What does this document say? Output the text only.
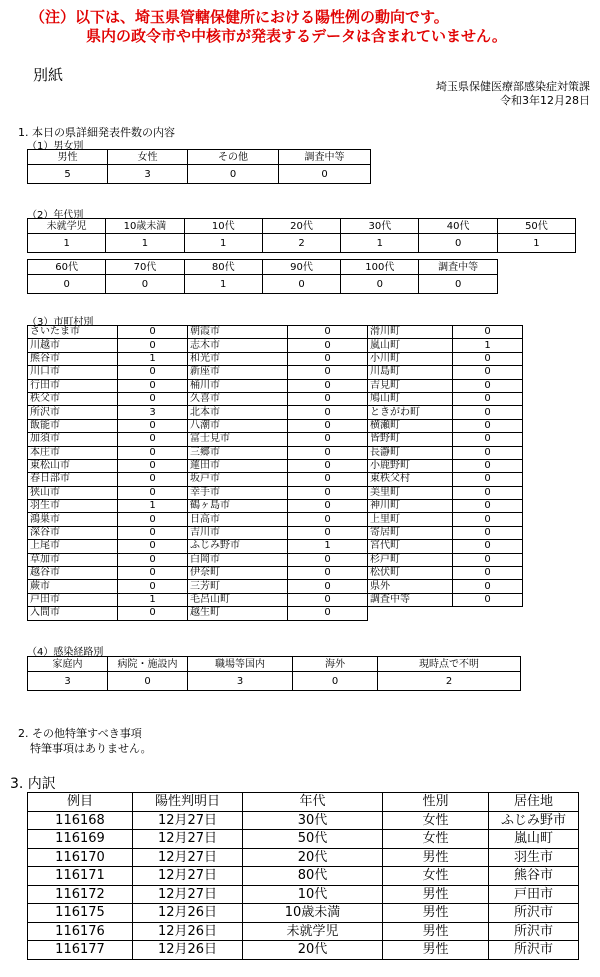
（注）以下は、埼玉県管轄保健所における陽性例の動向です。
県内の政令市や中核市が発表するデータは含まれていません。
別紙
埼玉県保健医療部感染症対策課
令和3年12月28日
1. 本日の県詳細発表件数の内容
（1）男女別
男性	女性	その他	調査中等
5	3	0	0
（2）年代別
未就学児	10歳未満	10代	20代	30代	40代	50代
1	1	1	2	1	0	1
60代	70代	80代	90代	100代	調査中等
0	0	1	0	0	0
（3）市町村別
さいたま市	0	朝霞市	0	滑川町	0
川越市	0	志木市	0	嵐山町	1
熊谷市	1	和光市	0	小川町	0
川口市	0	新座市	0	川島町	0
行田市	0	桶川市	0	吉見町	0
秩父市	0	久喜市	0	鳩山町	0
所沢市	3	北本市	0	ときがわ町	0
飯能市	0	八潮市	0	横瀬町	0
加須市	0	富士見市	0	皆野町	0
本庄市	0	三郷市	0	長瀞町	0
東松山市	0	蓮田市	0	小鹿野町	0
春日部市	0	坂戸市	0	東秩父村	0
狭山市	0	幸手市	0	美里町	0
羽生市	1	鶴ヶ島市	0	神川町	0
鴻巣市	0	日高市	0	上里町	0
深谷市	0	吉川市	0	寄居町	0
上尾市	0	ふじみ野市	1	宮代町	0
草加市	0	白岡市	0	杉戸町	0
越谷市	0	伊奈町	0	松伏町	0
蕨市	0	三芳町	0	県外	0
戸田市	1	毛呂山町	0	調査中等	0
入間市	0	越生町	0		
（4）感染経路別
家庭内	病院・施設内	職場等国内	海外	現時点で不明
3	0	3	0	2
2. その他特筆すべき事項
特筆事項はありません。
3. 内訳
例目	陽性判明日	年代	性別	居住地
116168	12月27日	30代	女性	ふじみ野市
116169	12月27日	50代	女性	嵐山町
116170	12月27日	20代	男性	羽生市
116171	12月27日	80代	女性	熊谷市
116172	12月27日	10代	男性	戸田市
116175	12月26日	10歳未満	男性	所沢市
116176	12月26日	未就学児	男性	所沢市
116177	12月26日	20代	男性	所沢市
